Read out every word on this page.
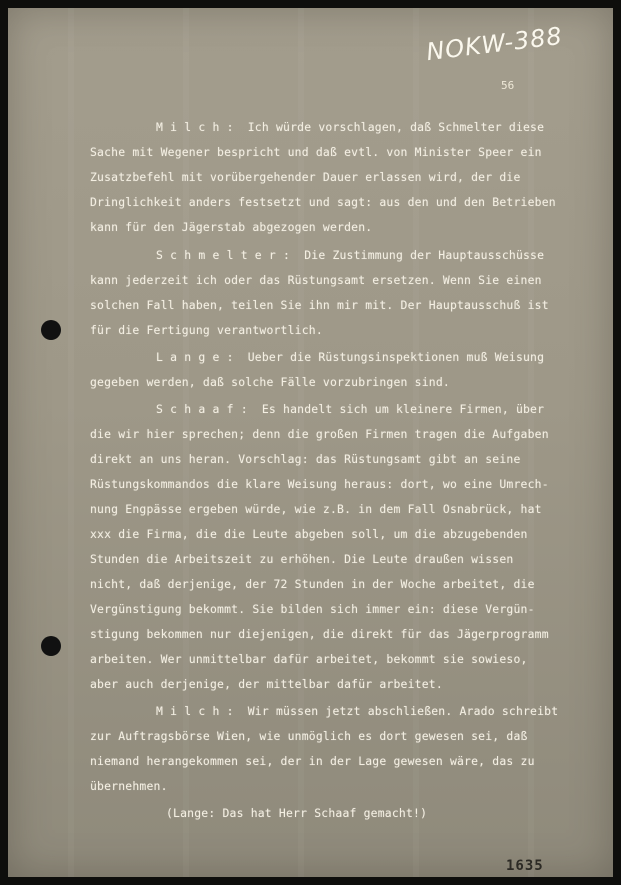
NOKW-388
56
M i l c h :  Ich würde vorschlagen, daß Schmelter diese
Sache mit Wegener bespricht und daß evtl. von Minister Speer ein
Zusatzbefehl mit vorübergehender Dauer erlassen wird, der die
Dringlichkeit anders festsetzt und sagt: aus den und den Betrieben
kann für den Jägerstab abgezogen werden.
S c h m e l t e r :  Die Zustimmung der Hauptausschüsse
kann jederzeit ich oder das Rüstungsamt ersetzen. Wenn Sie einen
solchen Fall haben, teilen Sie ihn mir mit. Der Hauptausschuß ist
für die Fertigung verantwortlich.
L a n g e :  Ueber die Rüstungsinspektionen muß Weisung
gegeben werden, daß solche Fälle vorzubringen sind.
S c h a a f :  Es handelt sich um kleinere Firmen, über
die wir hier sprechen; denn die großen Firmen tragen die Aufgaben
direkt an uns heran. Vorschlag: das Rüstungsamt gibt an seine
Rüstungskommandos die klare Weisung heraus: dort, wo eine Umrech-
nung Engpässe ergeben würde, wie z.B. in dem Fall Osnabrück, hat
xxx die Firma, die die Leute abgeben soll, um die abzugebenden
Stunden die Arbeitszeit zu erhöhen. Die Leute draußen wissen
nicht, daß derjenige, der 72 Stunden in der Woche arbeitet, die
Vergünstigung bekommt. Sie bilden sich immer ein: diese Vergün-
stigung bekommen nur diejenigen, die direkt für das Jägerprogramm
arbeiten. Wer unmittelbar dafür arbeitet, bekommt sie sowieso,
aber auch derjenige, der mittelbar dafür arbeitet.
M i l c h :  Wir müssen jetzt abschließen. Arado schreibt
zur Auftragsbörse Wien, wie unmöglich es dort gewesen sei, daß
niemand herangekommen sei, der in der Lage gewesen wäre, das zu
übernehmen.
(Lange: Das hat Herr Schaaf gemacht!)
1635
